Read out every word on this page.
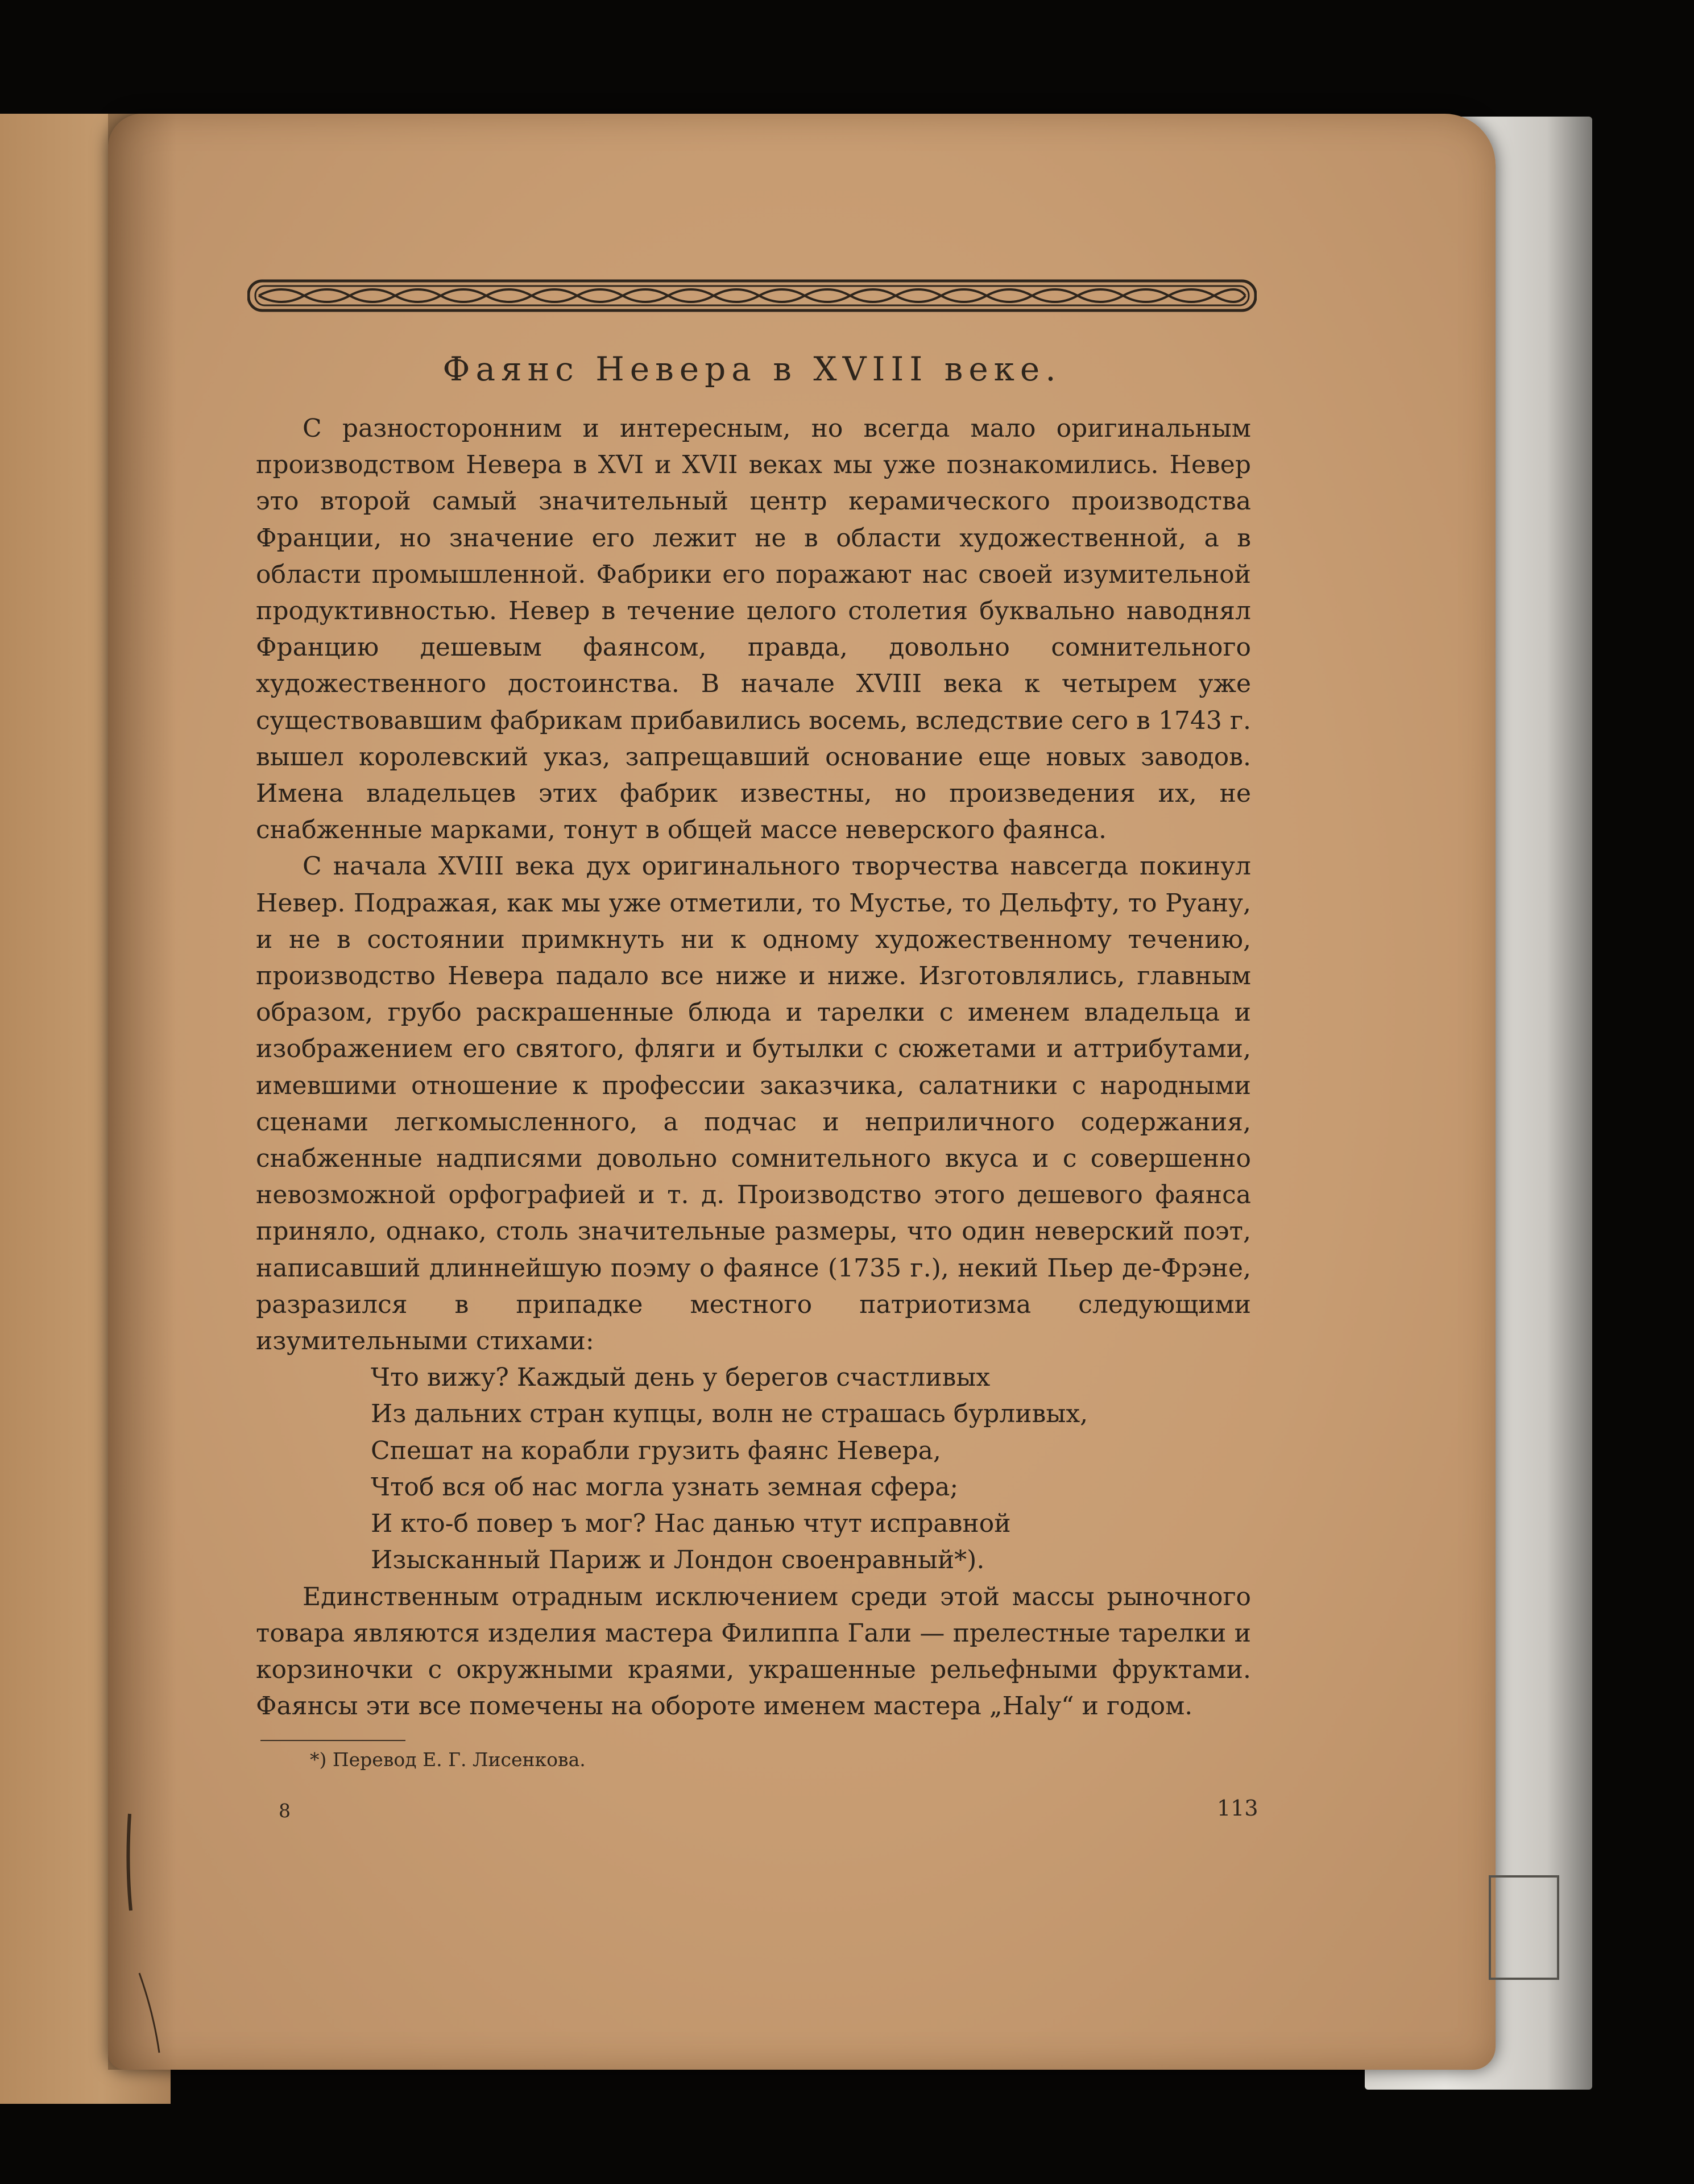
Фаянс Невера в XVIII веке.

С разносторонним и интересным, но всегда мало оригинальным производством Невера в XVI и XVII веках мы уже познакомились. Невер это второй самый значительный центр керамического производства Франции, но значение его лежит не в области художественной, а в области промышленной. Фабрики его поражают нас своей изумительной продуктивностью. Невер в течение целого столетия буквально наводнял Францию дешевым фаянсом, правда, довольно сомнительного художественного достоинства. В начале XVIII века к четырем уже существовавшим фабрикам прибавились восемь, вследствие сего в 1743 г. вышел королевский указ, запрещавший основание еще новых заводов. Имена владельцев этих фабрик известны, но произведения их, не снабженные марками, тонут в общей массе неверского фаянса.

С начала XVIII века дух оригинального творчества навсегда покинул Невер. Подражая, как мы уже отметили, то Мустье, то Дельфту, то Руану, и не в состоянии примкнуть ни к одному художественному течению, производство Невера падало все ниже и ниже. Изготовлялись, главным образом, грубо раскрашенные блюда и тарелки с именем владельца и изображением его святого, фляги и бутылки с сюжетами и аттрибутами, имевшими отношение к профессии заказчика, салатники с народными сценами легкомысленного, а подчас и неприличного содержания, снабженные надписями довольно сомнительного вкуса и с совершенно невозможной орфографией и т. д. Производство этого дешевого фаянса приняло, однако, столь значительные размеры, что один неверский поэт, написавший длиннейшую поэму о фаянсе (1735 г.), некий Пьер де-Фрэне, разразился в припадке местного патриотизма следующими изумительными стихами:

Что вижу? Каждый день у берегов счастливых
Из дальних стран купцы, волн не страшась бурливых,
Спешат на корабли грузить фаянс Невера,
Чтоб вся об нас могла узнать земная сфера;
И кто-б повер ъ мог? Нас данью чтут исправной
Изысканный Париж и Лондон своенравный*).

Единственным отрадным исключением среди этой массы рыночного товара являются изделия мастера Филиппа Гали — прелестные тарелки и корзиночки с окружными краями, украшенные рельефными фруктами. Фаянсы эти все помечены на обороте именем мастера „Haly“ и годом.

*) Перевод Е. Г. Лисенкова.
8	113
